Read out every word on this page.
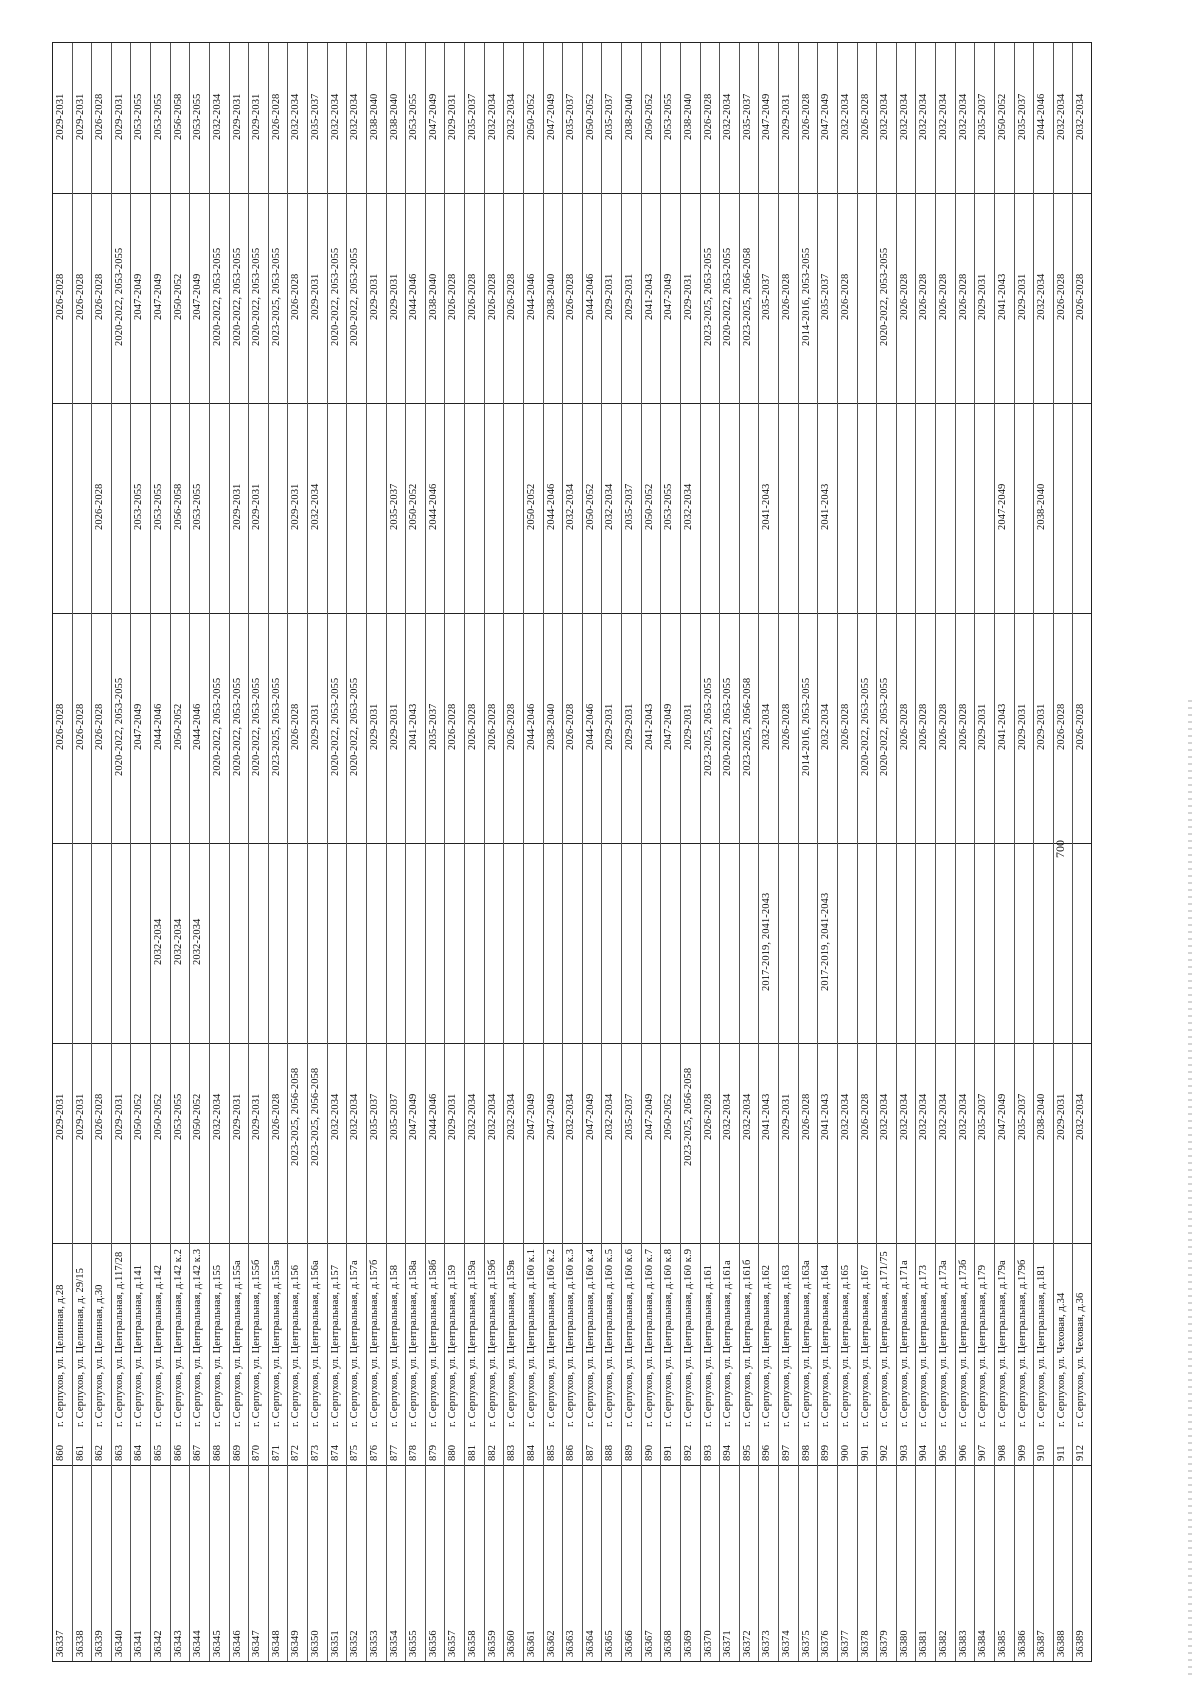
2029-2031
2026-2028
2026-2028
2029-2031
860
г. Серпухов, ул. Целинная, д.28
36337
2029-2031
2026-2028
2026-2028
2029-2031
861
г. Серпухов, ул. Целинная, д. 29/15
36338
2026-2028
2026-2028
2026-2028
2026-2028
2026-2028
862
г. Серпухов, ул. Целинная, д.30
36339
2029-2031
2020-2022, 2053-2055
2020-2022, 2053-2055
2029-2031
863
г. Серпухов, ул. Центральная, д.117/28
36340
2053-2055
2047-2049
2053-2055
2047-2049
2050-2052
864
г. Серпухов, ул. Центральная, д.141
36341
2053-2055
2047-2049
2053-2055
2044-2046
2032-2034
2050-2052
865
г. Серпухов, ул. Центральная, д.142
36342
2056-2058
2050-2052
2056-2058
2050-2052
2032-2034
2053-2055
866
г. Серпухов, ул. Центральная, д.142 к.2
36343
2053-2055
2047-2049
2053-2055
2044-2046
2032-2034
2050-2052
867
г. Серпухов, ул. Центральная, д.142 к.3
36344
2032-2034
2020-2022, 2053-2055
2020-2022, 2053-2055
2032-2034
868
г. Серпухов, ул. Центральная, д.155
36345
2029-2031
2020-2022, 2053-2055
2029-2031
2020-2022, 2053-2055
2029-2031
869
г. Серпухов, ул. Центральная, д.155а
36346
2029-2031
2020-2022, 2053-2055
2029-2031
2020-2022, 2053-2055
2029-2031
870
г. Серпухов, ул. Центральная, д.155б
36347
2026-2028
2023-2025, 2053-2055
2023-2025, 2053-2055
2026-2028
871
г. Серпухов, ул. Центральная, д.155в
36348
2032-2034
2026-2028
2029-2031
2026-2028
2023-2025, 2056-2058
872
г. Серпухов, ул. Центральная, д.156
36349
2035-2037
2029-2031
2032-2034
2029-2031
2023-2025, 2056-2058
873
г. Серпухов, ул. Центральная, д.156а
36350
2032-2034
2020-2022, 2053-2055
2020-2022, 2053-2055
2032-2034
874
г. Серпухов, ул. Центральная, д.157
36351
2032-2034
2020-2022, 2053-2055
2020-2022, 2053-2055
2032-2034
875
г. Серпухов, ул. Центральная, д.157а
36352
2038-2040
2029-2031
2029-2031
2035-2037
876
г. Серпухов, ул. Центральная, д.157б
36353
2038-2040
2029-2031
2035-2037
2029-2031
2035-2037
877
г. Серпухов, ул. Центральная, д.158
36354
2053-2055
2044-2046
2050-2052
2041-2043
2047-2049
878
г. Серпухов, ул. Центральная, д.158а
36355
2047-2049
2038-2040
2044-2046
2035-2037
2044-2046
879
г. Серпухов, ул. Центральная, д.158б
36356
2029-2031
2026-2028
2026-2028
2029-2031
880
г. Серпухов, ул. Центральная, д.159
36357
2035-2037
2026-2028
2026-2028
2032-2034
881
г. Серпухов, ул. Центральная, д.159а
36358
2032-2034
2026-2028
2026-2028
2032-2034
882
г. Серпухов, ул. Центральная, д.159б
36359
2032-2034
2026-2028
2026-2028
2032-2034
883
г. Серпухов, ул. Центральная, д.159в
36360
2050-2052
2044-2046
2050-2052
2044-2046
2047-2049
884
г. Серпухов, ул. Центральная, д.160 к.1
36361
2047-2049
2038-2040
2044-2046
2038-2040
2047-2049
885
г. Серпухов, ул. Центральная, д.160 к.2
36362
2035-2037
2026-2028
2032-2034
2026-2028
2032-2034
886
г. Серпухов, ул. Центральная, д.160 к.3
36363
2050-2052
2044-2046
2050-2052
2044-2046
2047-2049
887
г. Серпухов, ул. Центральная, д.160 к.4
36364
2035-2037
2029-2031
2032-2034
2029-2031
2032-2034
888
г. Серпухов, ул. Центральная, д.160 к.5
36365
2038-2040
2029-2031
2035-2037
2029-2031
2035-2037
889
г. Серпухов, ул. Центральная, д.160 к.6
36366
2050-2052
2041-2043
2050-2052
2041-2043
2047-2049
890
г. Серпухов, ул. Центральная, д.160 к.7
36367
2053-2055
2047-2049
2053-2055
2047-2049
2050-2052
891
г. Серпухов, ул. Центральная, д.160 к.8
36368
2038-2040
2029-2031
2032-2034
2029-2031
2023-2025, 2056-2058
892
г. Серпухов, ул. Центральная, д.160 к.9
36369
2026-2028
2023-2025, 2053-2055
2023-2025, 2053-2055
2026-2028
893
г. Серпухов, ул. Центральная, д.161
36370
2032-2034
2020-2022, 2053-2055
2020-2022, 2053-2055
2032-2034
894
г. Серпухов, ул. Центральная, д.161а
36371
2035-2037
2023-2025, 2056-2058
2023-2025, 2056-2058
2032-2034
895
г. Серпухов, ул. Центральная, д.161б
36372
2047-2049
2035-2037
2041-2043
2032-2034
2017-2019, 2041-2043
2041-2043
896
г. Серпухов, ул. Центральная, д.162
36373
2029-2031
2026-2028
2026-2028
2029-2031
897
г. Серпухов, ул. Центральная, д.163
36374
2026-2028
2014-2016, 2053-2055
2014-2016, 2053-2055
2026-2028
898
г. Серпухов, ул. Центральная, д.163а
36375
2047-2049
2035-2037
2041-2043
2032-2034
2017-2019, 2041-2043
2041-2043
899
г. Серпухов, ул. Центральная, д.164
36376
2032-2034
2026-2028
2026-2028
2032-2034
900
г. Серпухов, ул. Центральная, д.165
36377
2026-2028
2020-2022, 2053-2055
2026-2028
901
г. Серпухов, ул. Центральная, д.167
36378
2032-2034
2020-2022, 2053-2055
2020-2022, 2053-2055
2032-2034
902
г. Серпухов, ул. Центральная, д.171/75
36379
2032-2034
2026-2028
2026-2028
2032-2034
903
г. Серпухов, ул. Центральная, д.171а
36380
2032-2034
2026-2028
2026-2028
2032-2034
904
г. Серпухов, ул. Центральная, д.173
36381
2032-2034
2026-2028
2026-2028
2032-2034
905
г. Серпухов, ул. Центральная, д.173а
36382
2032-2034
2026-2028
2026-2028
2032-2034
906
г. Серпухов, ул. Центральная, д.173б
36383
2035-2037
2029-2031
2029-2031
2035-2037
907
г. Серпухов, ул. Центральная, д.179
36384
2050-2052
2041-2043
2047-2049
2041-2043
2047-2049
908
г. Серпухов, ул. Центральная, д.179а
36385
2035-2037
2029-2031
2029-2031
2035-2037
909
г. Серпухов, ул. Центральная, д.179б
36386
2044-2046
2032-2034
2038-2040
2029-2031
2038-2040
910
г. Серпухов, ул. Центральная, д.181
36387
2032-2034
2026-2028
2026-2028
2029-2031
911
г. Серпухов, ул. Чеховая, д.34
36388
2032-2034
2026-2028
2026-2028
2032-2034
912
г. Серпухов, ул. Чеховая, д.36
36389
700
